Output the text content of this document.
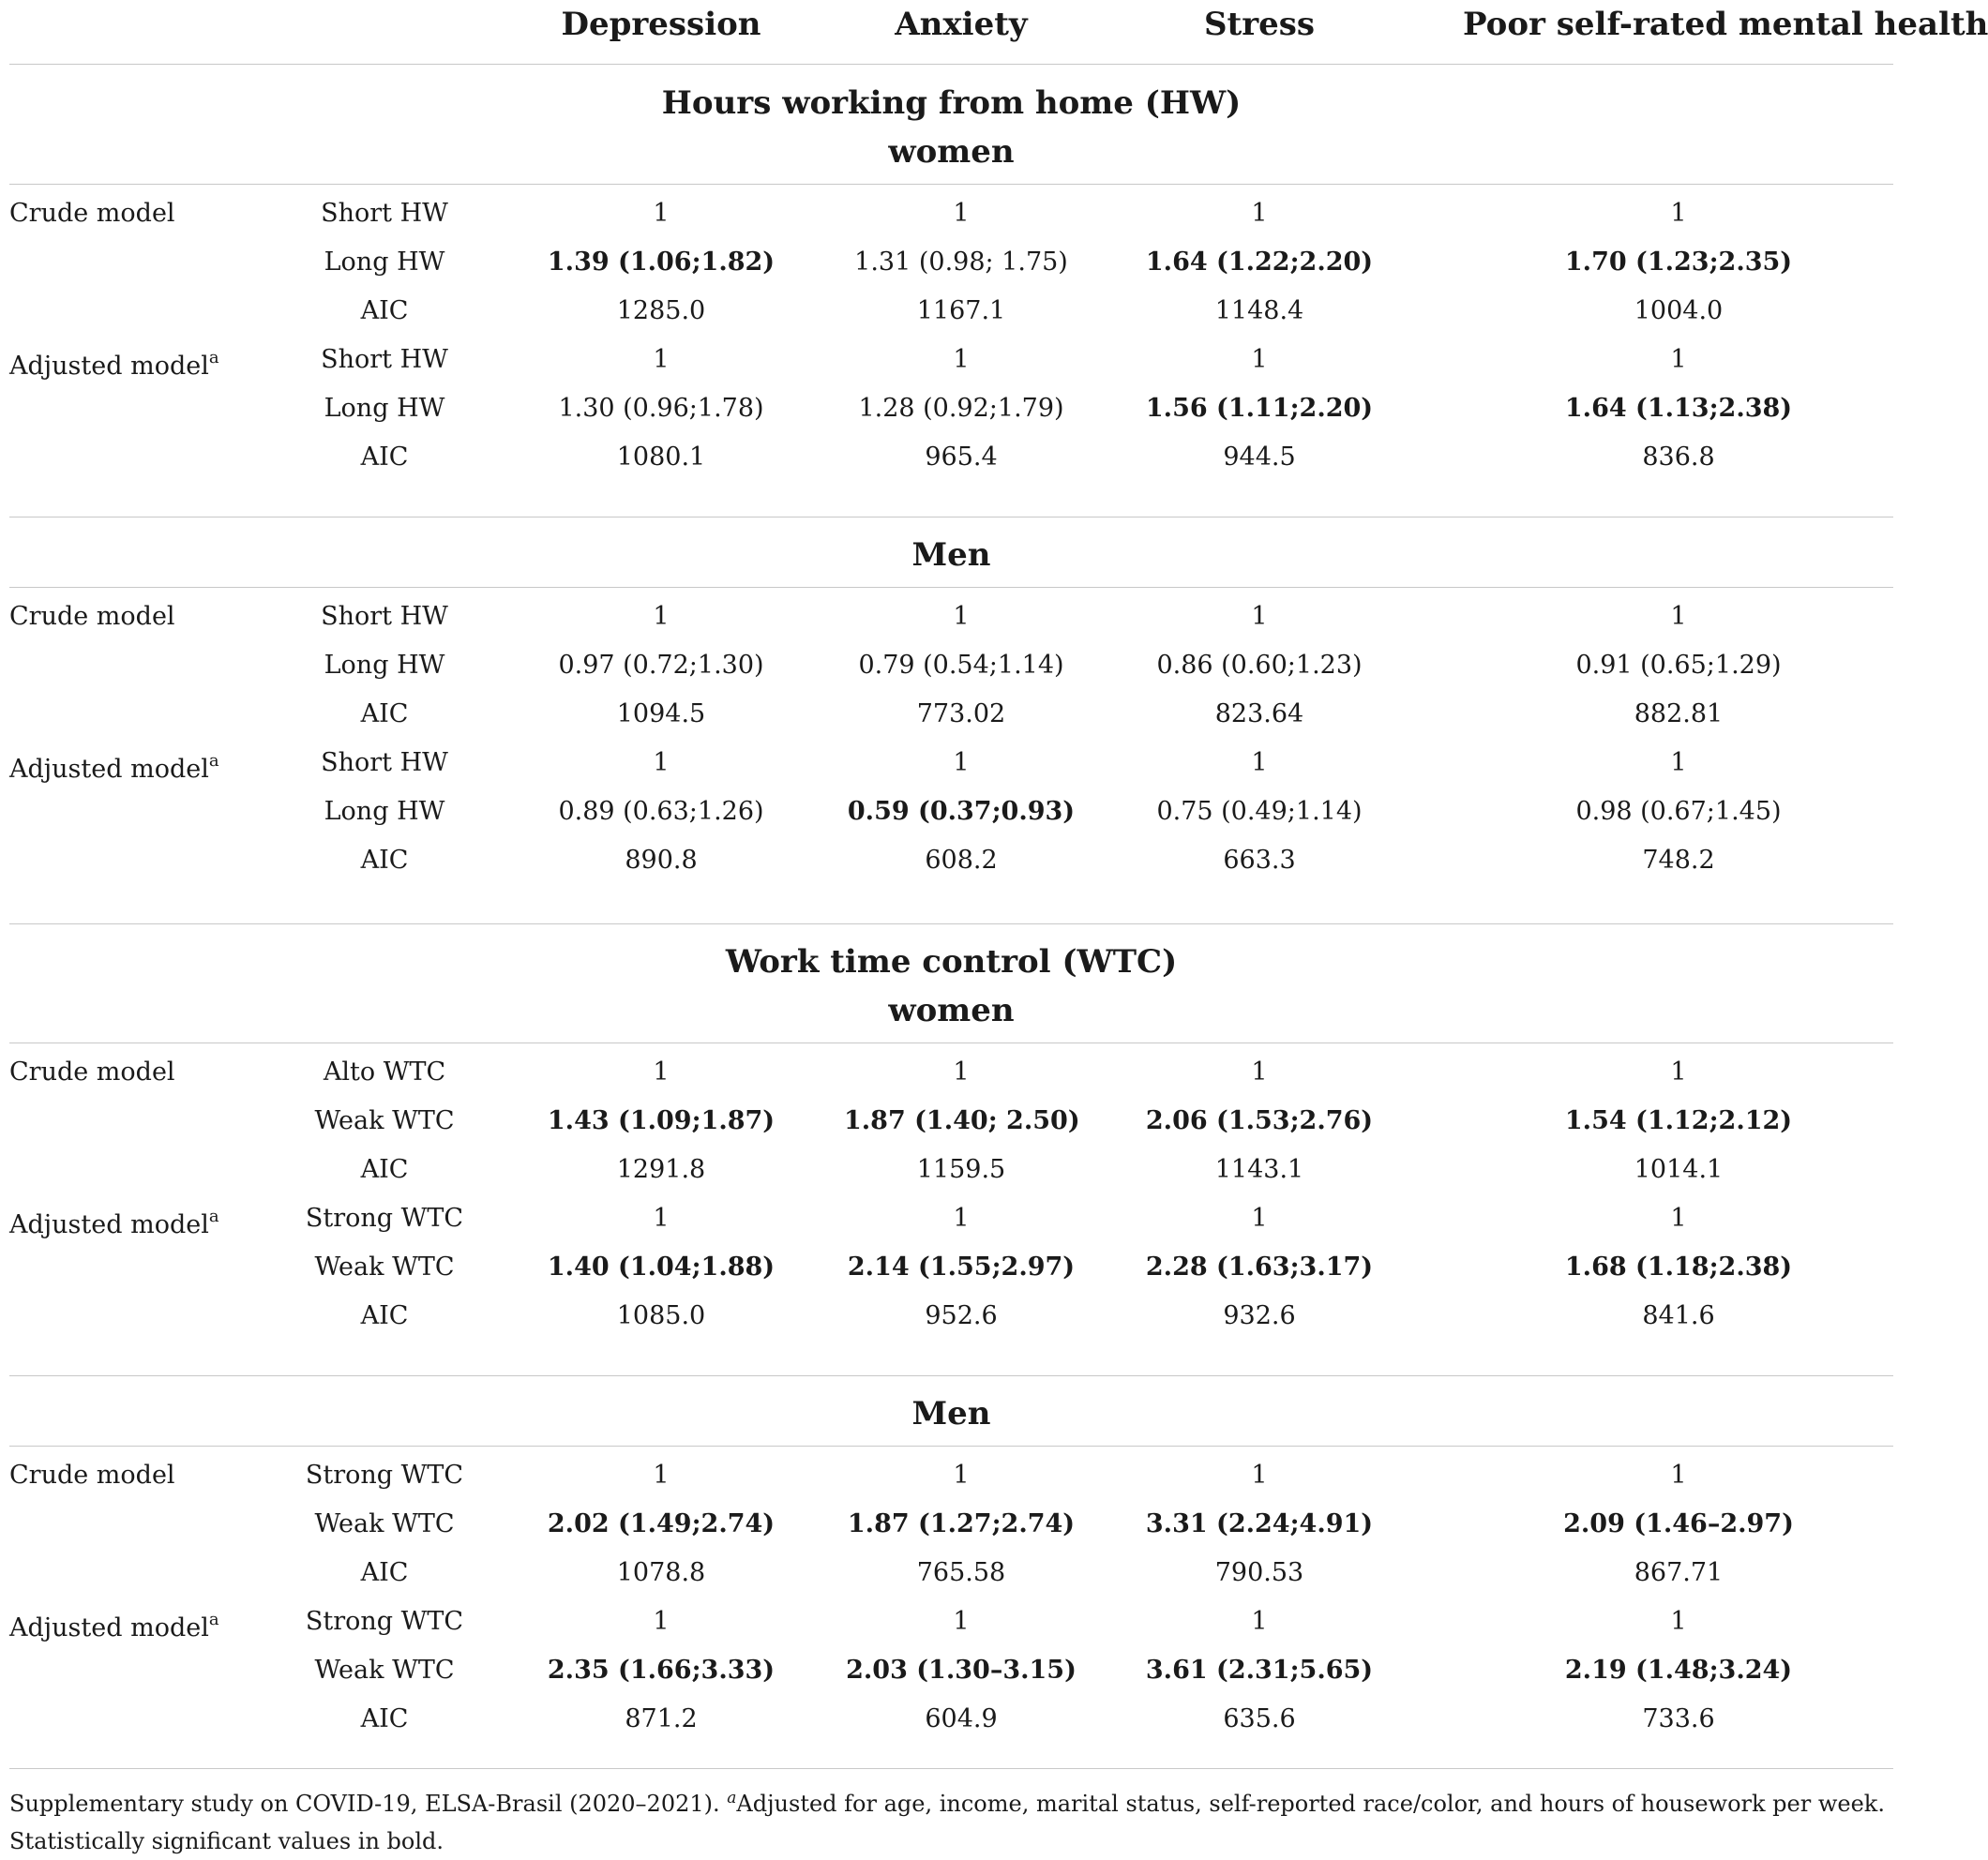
Depression	Anxiety	Stress	Poor self-rated mental health
Hours working from home (HW)
women
Crude model	Short HW	1	1	1	1
Long HW	1.39 (1.06;1.82)	1.31 (0.98; 1.75)	1.64 (1.22;2.20)	1.70 (1.23;2.35)
AIC	1285.0	1167.1	1148.4	1004.0
Adjusted model$^a$	Short HW	1	1	1	1
Long HW	1.30 (0.96;1.78)	1.28 (0.92;1.79)	1.56 (1.11;2.20)	1.64 (1.13;2.38)
AIC	1080.1	965.4	944.5	836.8
Men
Crude model	Short HW	1	1	1	1
Long HW	0.97 (0.72;1.30)	0.79 (0.54;1.14)	0.86 (0.60;1.23)	0.91 (0.65;1.29)
AIC	1094.5	773.02	823.64	882.81
Adjusted model$^a$	Short HW	1	1	1	1
Long HW	0.89 (0.63;1.26)	0.59 (0.37;0.93)	0.75 (0.49;1.14)	0.98 (0.67;1.45)
AIC	890.8	608.2	663.3	748.2
Work time control (WTC)
women
Crude model	Alto WTC	1	1	1	1
Weak WTC	1.43 (1.09;1.87)	1.87 (1.40; 2.50)	2.06 (1.53;2.76)	1.54 (1.12;2.12)
AIC	1291.8	1159.5	1143.1	1014.1
Adjusted model$^a$	Strong WTC	1	1	1	1
Weak WTC	1.40 (1.04;1.88)	2.14 (1.55;2.97)	2.28 (1.63;3.17)	1.68 (1.18;2.38)
AIC	1085.0	952.6	932.6	841.6
Men
Crude model	Strong WTC	1	1	1	1
Weak WTC	2.02 (1.49;2.74)	1.87 (1.27;2.74)	3.31 (2.24;4.91)	2.09 (1.46–2.97)
AIC	1078.8	765.58	790.53	867.71
Adjusted model$^a$	Strong WTC	1	1	1	1
Weak WTC	2.35 (1.66;3.33)	2.03 (1.30–3.15)	3.61 (2.31;5.65)	2.19 (1.48;3.24)
AIC	871.2	604.9	635.6	733.6
Supplementary study on COVID-19, ELSA-Brasil (2020–2021). $^a$Adjusted for age, income, marital status, self-reported race/color, and hours of housework per week.
Statistically significant values in bold.
